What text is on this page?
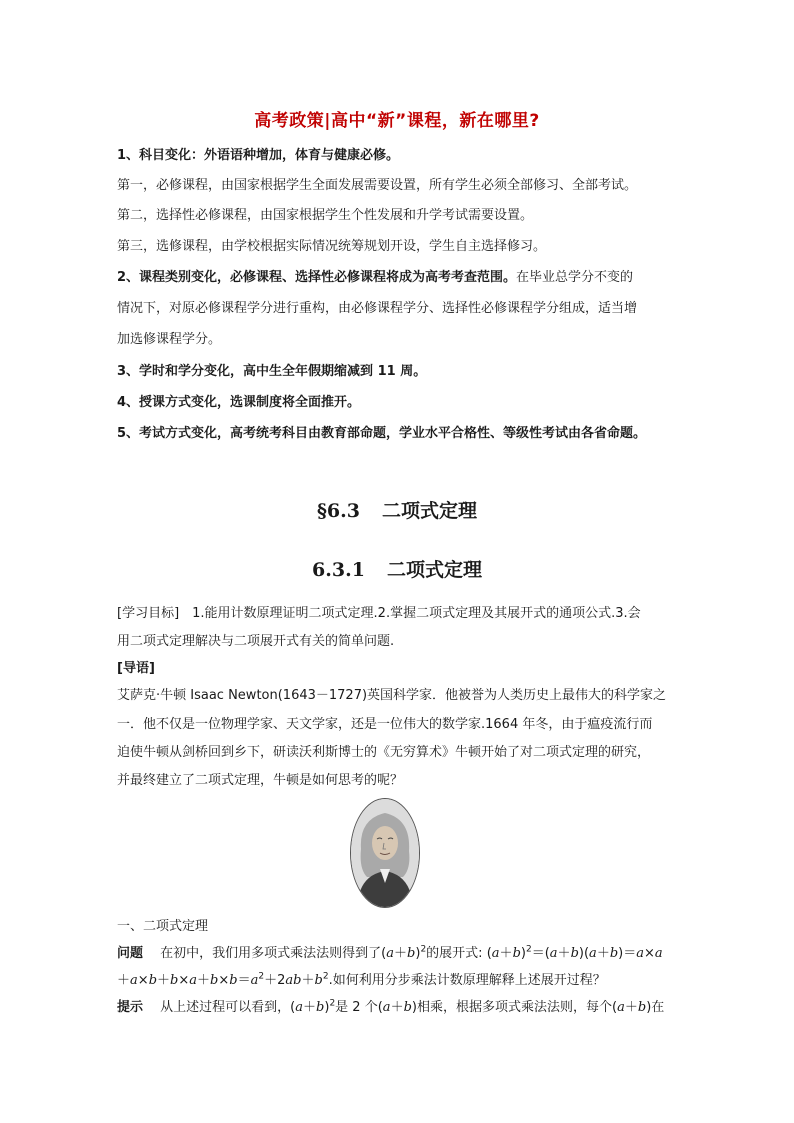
高考政策|高中“新”课程，新在哪里?
1、科目变化：外语语种增加，体育与健康必修。
第一，必修课程，由国家根据学生全面发展需要设置，所有学生必须全部修习、全部考试。
第二，选择性必修课程，由国家根据学生个性发展和升学考试需要设置。
第三，选修课程，由学校根据实际情况统筹规划开设，学生自主选择修习。
2、课程类别变化，必修课程、选择性必修课程将成为高考考查范围。在毕业总学分不变的
情况下，对原必修课程学分进行重构，由必修课程学分、选择性必修课程学分组成，适当增
加选修课程学分。
3、学时和学分变化，高中生全年假期缩减到 11 周。
4、授课方式变化，选课制度将全面推开。
5、考试方式变化，高考统考科目由教育部命题，学业水平合格性、等级性考试由各省命题。
§6.3 二项式定理
6.3.1 二项式定理
[学习目标]　1.能用计数原理证明二项式定理.2.掌握二项式定理及其展开式的通项公式.3.会
用二项式定理解决与二项展开式有关的简单问题.
[导语]
艾萨克·牛顿 Isaac Newton(1643－1727)英国科学家．他被誉为人类历史上最伟大的科学家之
一．他不仅是一位物理学家、天文学家，还是一位伟大的数学家.1664 年冬，由于瘟疫流行而
迫使牛顿从剑桥回到乡下，研读沃利斯博士的《无穷算术》牛顿开始了对二项式定理的研究，
并最终建立了二项式定理，牛顿是如何思考的呢？
一、二项式定理
问题　 在初中，我们用多项式乘法法则得到了$(a+b)^2$的展开式: $(a+b)^2=(a+b)(a+b)=a\times a$
$+a\times b+b\times a+b\times b=a^2+2ab+b^2$.如何利用分步乘法计数原理解释上述展开过程？
提示　 从上述过程可以看到，$(a+b)^2$是 2 个(a＋b)相乘，根据多项式乘法法则，每个(a＋b)在
